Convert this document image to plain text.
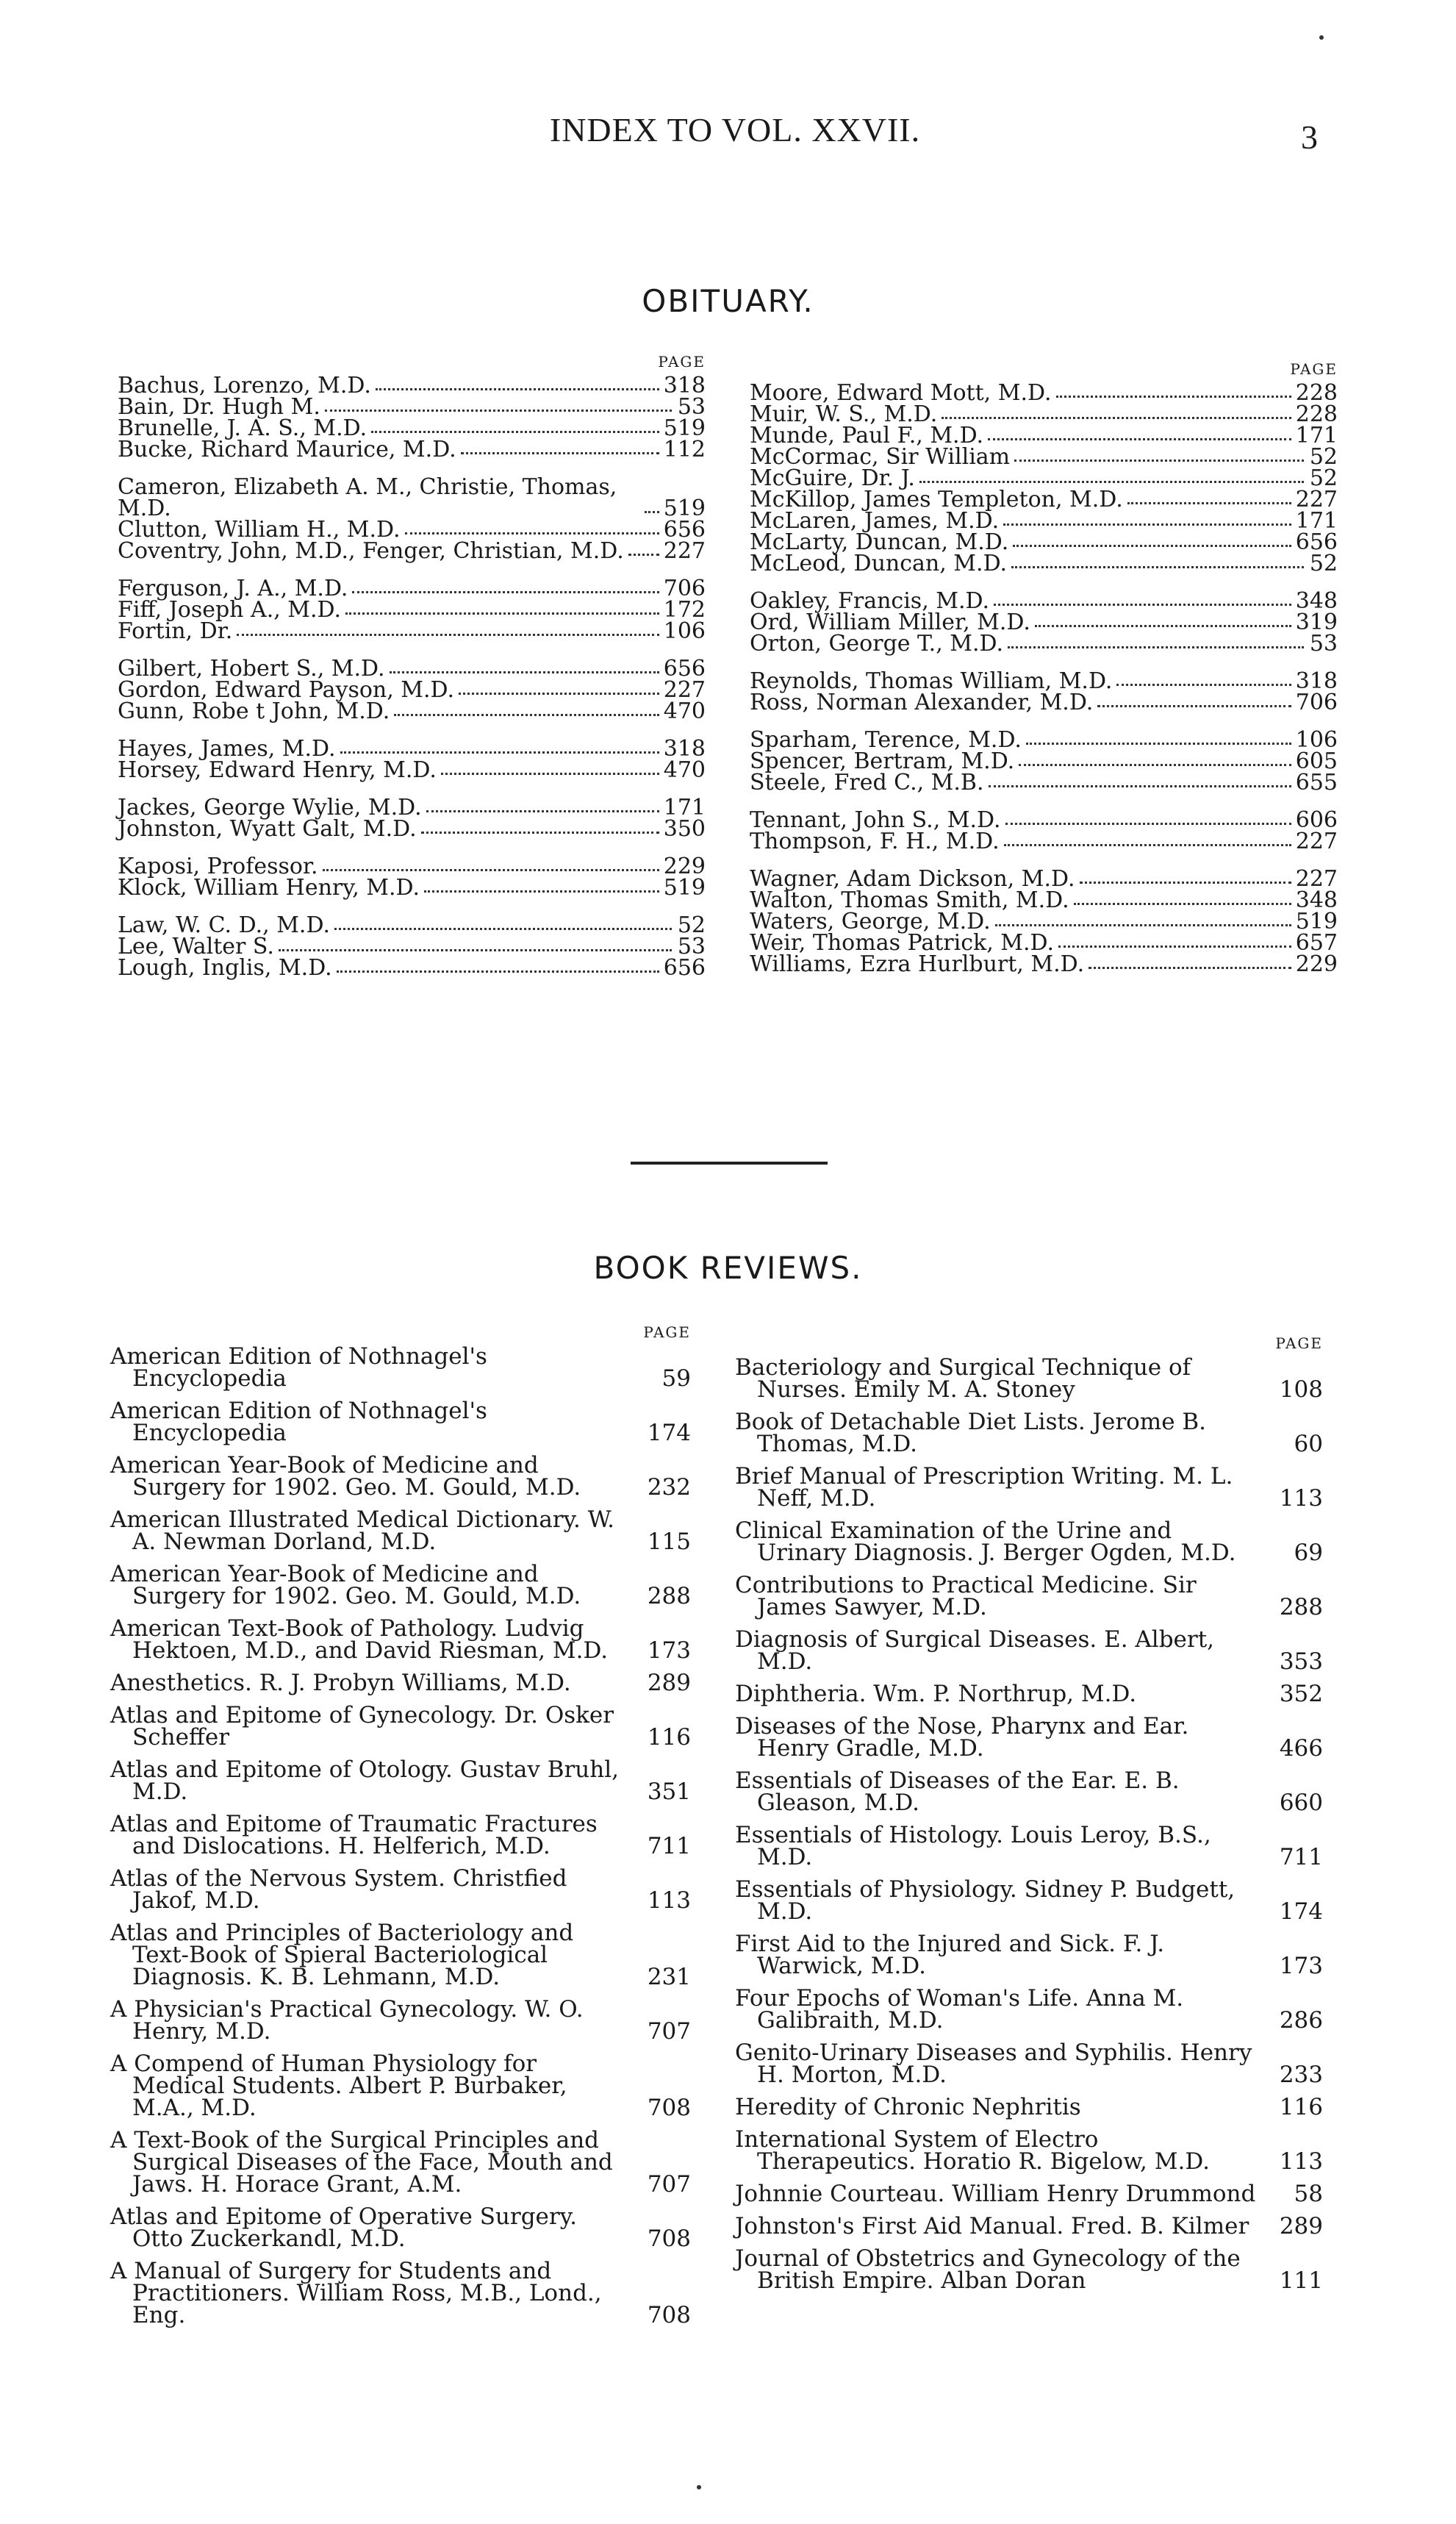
INDEX TO VOL. XXVII.	3
OBITUARY.
PAGE
Bachus, Lorenzo, M.D.	318
Bain, Dr. Hugh M.	53
Brunelle, J. A. S., M.D.	519
Bucke, Richard Maurice, M.D.	112
Cameron, Elizabeth A. M., Christie, Thomas, M.D.	519
Clutton, William H., M.D.	656
Coventry, John, M.D., Fenger, Christian, M.D. 227
Ferguson, J. A., M.D.	706
Fiff, Joseph A., M.D.	172
Fortin, Dr.	106
Gilbert, Hobert S., M.D.	656
Gordon, Edward Payson, M.D.	227
Gunn, Robe t John, M.D.	470
Hayes, James, M.D.	318
Horsey, Edward Henry, M.D.	470
Jackes, George Wylie, M.D.	171
Johnston, Wyatt Galt, M.D.	350
Kaposi, Professor.	229
Klock, William Henry, M.D.	519
Law, W. C. D., M.D.	52
Lee, Walter S.	53
Lough, Inglis, M.D.	656
PAGE
Moore, Edward Mott, M.D.	228
Muir, W. S., M.D.	228
Munde, Paul F., M.D.	171
McCormac, Sir William	52
McGuire, Dr. J.	52
McKillop, James Templeton, M.D.	227
McLaren, James, M.D.	171
McLarty, Duncan, M.D.	656
McLeod, Duncan, M.D.	52
Oakley, Francis, M.D.	348
Ord, William Miller, M.D.	319
Orton, George T., M.D.	53
Reynolds, Thomas William, M.D.	318
Ross, Norman Alexander, M.D.	706
Sparham, Terence, M.D.	106
Spencer, Bertram, M.D.	605
Steele, Fred C., M.B.	655
Tennant, John S., M.D.	606
Thompson, F. H., M.D.	227
Wagner, Adam Dickson, M.D.	227
Walton, Thomas Smith, M.D.	348
Waters, George, M.D.	519
Weir, Thomas Patrick, M.D.	657
Williams, Ezra Hurlburt, M.D.	229
BOOK REVIEWS.
PAGE
American Edition of Nothnagel's Encyclopedia	59
American Edition of Nothnagel's Encyclopedia	174
American Year-Book of Medicine and Surgery for 1902. Geo. M. Gould, M.D.	232
American Illustrated Medical Dictionary. W. A. Newman Dorland, M.D.	115
American Year-Book of Medicine and Surgery for 1902. Geo. M. Gould, M.D.	288
American Text-Book of Pathology. Ludvig Hektoen, M.D., and David Riesman, M.D.	173
Anesthetics. R. J. Probyn Williams, M.D.	289
Atlas and Epitome of Gynecology. Dr. Osker Scheffer	116
Atlas and Epitome of Otology. Gustav Bruhl, M.D.	351
Atlas and Epitome of Traumatic Fractures and Dislocations. H. Helferich, M.D.	711
Atlas of the Nervous System. Christfied Jakof, M.D.	113
Atlas and Principles of Bacteriology and Text-Book of Spieral Bacteriological Diagnosis. K. B. Lehmann, M.D.	231
A Physician's Practical Gynecology. W. O. Henry, M.D.	707
A Compend of Human Physiology for Medical Students. Albert P. Burbaker, M.A., M.D.	708
A Text-Book of the Surgical Principles and Surgical Diseases of the Face, Mouth and Jaws. H. Horace Grant, A.M.	707
Atlas and Epitome of Operative Surgery. Otto Zuckerkandl, M.D.	708
A Manual of Surgery for Students and Practitioners. William Ross, M.B., Lond., Eng.	708
PAGE
Bacteriology and Surgical Technique of Nurses. Emily M. A. Stoney	108
Book of Detachable Diet Lists. Jerome B. Thomas, M.D.	60
Brief Manual of Prescription Writing. M. L. Neff, M.D.	113
Clinical Examination of the Urine and Urinary Diagnosis. J. Berger Ogden, M.D.	69
Contributions to Practical Medicine. Sir James Sawyer, M.D.	288
Diagnosis of Surgical Diseases. E. Albert, M.D.	353
Diphtheria. Wm. P. Northrup, M.D.	352
Diseases of the Nose, Pharynx and Ear. Henry Gradle, M.D.	466
Essentials of Diseases of the Ear. E. B. Gleason, M.D.	660
Essentials of Histology. Louis Leroy, B.S., M.D.	711
Essentials of Physiology. Sidney P. Budgett, M.D.	174
First Aid to the Injured and Sick. F. J. Warwick, M.D.	173
Four Epochs of Woman's Life. Anna M. Galibraith, M.D.	286
Genito-Urinary Diseases and Syphilis. Henry H. Morton, M.D.	233
Heredity of Chronic Nephritis	116
International System of Electro Therapeutics. Horatio R. Bigelow, M.D.	113
Johnnie Courteau. William Henry Drummond	58
Johnston's First Aid Manual. Fred. B. Kilmer	289
Journal of Obstetrics and Gynecology of the British Empire. Alban Doran	111
